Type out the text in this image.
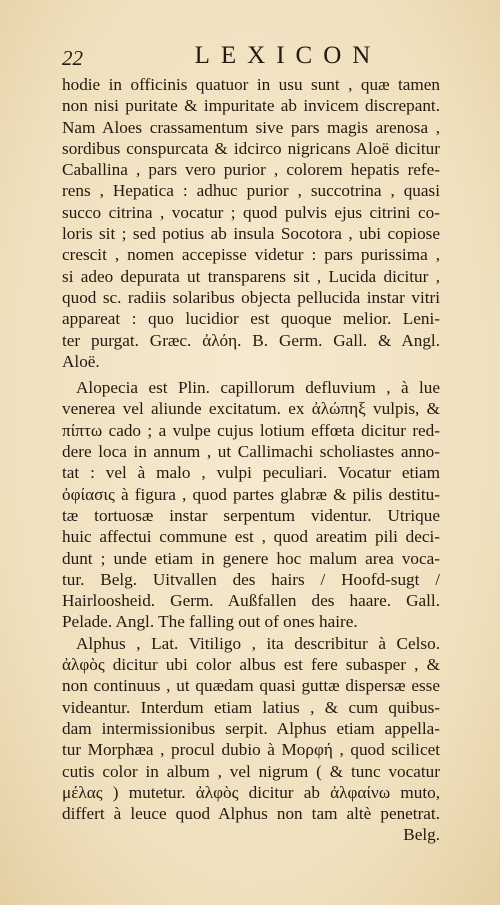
22	LEXICON
hodie in officinis quatuor in usu sunt , quæ tamen
non nisi puritate & impuritate ab invicem discrepant.
Nam Aloes crassamentum sive pars magis arenosa ,
sordibus conspurcata & idcirco nigricans Aloë dicitur
Caballina , pars vero purior , colorem hepatis refe-
rens , Hepatica : adhuc purior , succotrina , quasi
succo citrina , vocatur ; quod pulvis ejus citrini co-
loris sit ; sed potius ab insula Socotora , ubi copiose
crescit , nomen accepisse videtur : pars purissima ,
si adeo depurata ut transparens sit , Lucida dicitur ,
quod sc. radiis solaribus objecta pellucida instar vitri
appareat : quo lucidior est quoque melior. Leni-
ter purgat. Græc. ἀλόη. B. Germ. Gall. & Angl.
Aloë.
Alopecia est Plin. capillorum defluvium , à lue
venerea vel aliunde excitatum. ex ἀλώπηξ vulpis, &
πίπτω cado ; a vulpe cujus lotium effœta dicitur red-
dere loca in annum , ut Callimachi scholiastes anno-
tat : vel à malo , vulpi peculiari. Vocatur etiam
ὀφίασις à figura , quod partes glabræ & pilis destitu-
tæ tortuosæ instar serpentum videntur. Utrique
huic affectui commune est , quod areatim pili deci-
dunt ; unde etiam in genere hoc malum area voca-
tur. Belg. Uitvallen des hairs / Hoofd-sugt /
Hairloosheid. Germ. Außfallen des haare. Gall.
Pelade. Angl. The falling out of ones haire.
Alphus , Lat. Vitiligo , ita describitur à Celso.
ἀλφὸς dicitur ubi color albus est fere subasper , &
non continuus , ut quædam quasi guttæ dispersæ esse
videantur. Interdum etiam latius , & cum quibus-
dam intermissionibus serpit. Alphus etiam appella-
tur Morphæa , procul dubio à Μορφή , quod scilicet
cutis color in album , vel nigrum ( & tunc vocatur
μέλας ) mutetur. ἀλφὸς dicitur ab ἀλφαίνω muto,
differt à leuce quod Alphus non tam altè penetrat.
Belg.
